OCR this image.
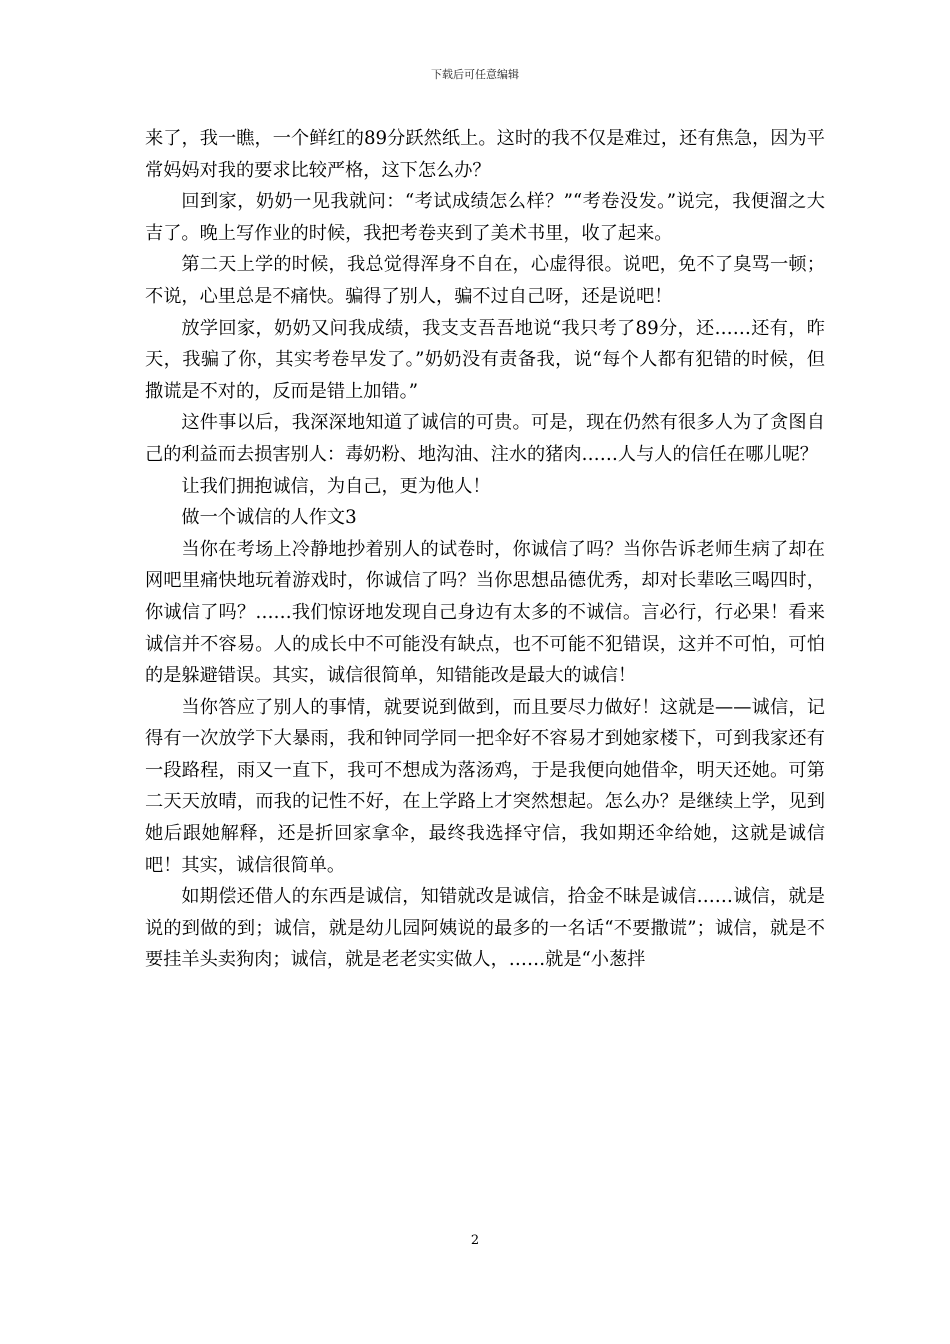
下载后可任意编辑

来了，我一瞧，一个鲜红的89分跃然纸上。这时的我不仅是难过，还有焦急，因为平常妈妈对我的要求比较严格，这下怎么办？

回到家，奶奶一见我就问：“考试成绩怎么样？”“考卷没发。”说完，我便溜之大吉了。晚上写作业的时候，我把考卷夹到了美术书里，收了起来。

第二天上学的时候，我总觉得浑身不自在，心虚得很。说吧，免不了臭骂一顿；不说，心里总是不痛快。骗得了别人，骗不过自己呀，还是说吧！

放学回家，奶奶又问我成绩，我支支吾吾地说“我只考了89分，还……还有，昨天，我骗了你，其实考卷早发了。”奶奶没有责备我，说“每个人都有犯错的时候，但撒谎是不对的，反而是错上加错。”

这件事以后，我深深地知道了诚信的可贵。可是，现在仍然有很多人为了贪图自己的利益而去损害别人：毒奶粉、地沟油、注水的猪肉……人与人的信任在哪儿呢？

让我们拥抱诚信，为自己，更为他人！

做一个诚信的人作文3

当你在考场上冷静地抄着别人的试卷时，你诚信了吗？当你告诉老师生病了却在网吧里痛快地玩着游戏时，你诚信了吗？当你思想品德优秀，却对长辈吆三喝四时，你诚信了吗？……我们惊讶地发现自己身边有太多的不诚信。言必行，行必果！看来诚信并不容易。人的成长中不可能没有缺点，也不可能不犯错误，这并不可怕，可怕的是躲避错误。其实，诚信很简单，知错能改是最大的诚信！

当你答应了别人的事情，就要说到做到，而且要尽力做好！这就是——诚信，记得有一次放学下大暴雨，我和钟同学同一把伞好不容易才到她家楼下，可到我家还有一段路程，雨又一直下，我可不想成为落汤鸡，于是我便向她借伞，明天还她。可第二天天放晴，而我的记性不好，在上学路上才突然想起。怎么办？是继续上学，见到她后跟她解释，还是折回家拿伞，最终我选择守信，我如期还伞给她，这就是诚信吧！其实，诚信很简单。

如期偿还借人的东西是诚信，知错就改是诚信，拾金不昧是诚信……诚信，就是说的到做的到；诚信，就是幼儿园阿姨说的最多的一名话“不要撒谎”；诚信，就是不要挂羊头卖狗肉；诚信，就是老老实实做人，……就是“小葱拌

2
